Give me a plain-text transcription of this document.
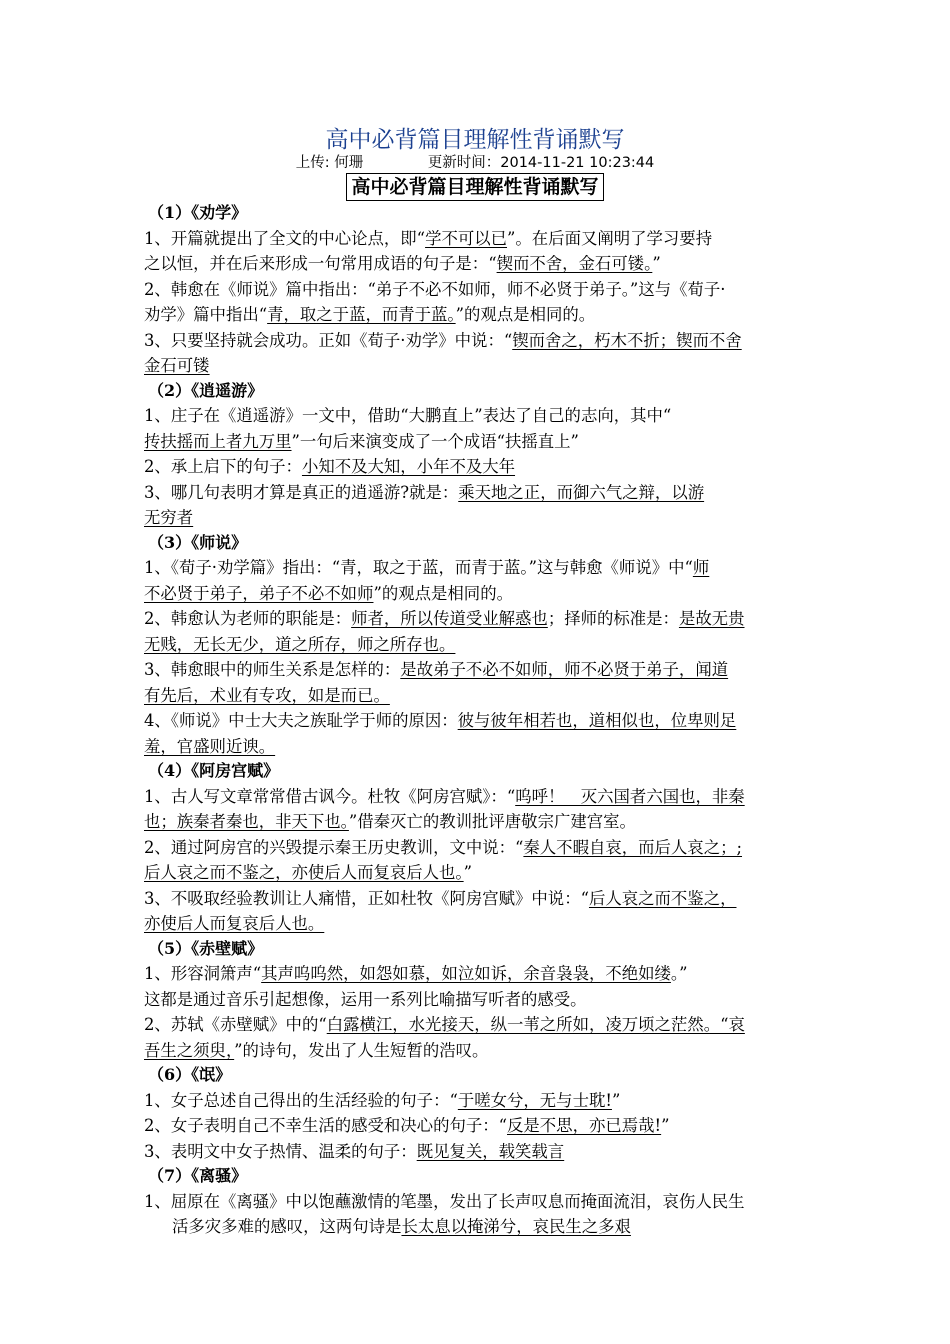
高中必背篇目理解性背诵默写
上传: 何珊              更新时间：2014-11-21 10:23:44
高中必背篇目理解性背诵默写
（1）《劝学》
1、开篇就提出了全文的中心论点，即“学不可以已”。在后面又阐明了学习要持
之以恒，并在后来形成一句常用成语的句子是：“锲而不舍，金石可镂。”
2、韩愈在《师说》篇中指出：“弟子不必不如师，师不必贤于弟子。”这与《荀子·
劝学》篇中指出“青，取之于蓝，而青于蓝。”的观点是相同的。
3、只要坚持就会成功。正如《荀子·劝学》中说：“锲而舍之，朽木不折；锲而不舍
金石可镂
（2）《逍遥游》
1、庄子在《逍遥游》一文中，借助“大鹏直上”表达了自己的志向，其中“
抟扶摇而上者九万里”一句后来演变成了一个成语“扶摇直上”
2、承上启下的句子：小知不及大知，小年不及大年
3、哪几句表明才算是真正的逍遥游?就是：乘天地之正，而御六气之辩，以游
无穷者
（3）《师说》
1、《荀子·劝学篇》指出：“青，取之于蓝，而青于蓝。”这与韩愈《师说》中“师
不必贤于弟子，弟子不必不如师”的观点是相同的。
2、韩愈认为老师的职能是：师者，所以传道受业解惑也；择师的标准是：是故无贵
无贱，无长无少，道之所存，师之所存也。
3、韩愈眼中的师生关系是怎样的：是故弟子不必不如师，师不必贤于弟子，闻道
有先后，术业有专攻，如是而已。
4、《师说》中士大夫之族耻学于师的原因：彼与彼年相若也，道相似也，位卑则足
羞，官盛则近谀。
（4）《阿房宫赋》
1、古人写文章常常借古讽今。杜牧《阿房宫赋》：“呜呼！　灭六国者六国也，非秦
也；族秦者秦也，非天下也。”借秦灭亡的教训批评唐敬宗广建宫室。
2、通过阿房宫的兴毁提示秦王历史教训，文中说：“秦人不暇自哀，而后人哀之；;
后人哀之而不鉴之，亦使后人而复哀后人也。”
3、不吸取经验教训让人痛惜，正如杜牧《阿房宫赋》中说：“后人哀之而不鉴之，
亦使后人而复哀后人也。
（5）《赤壁赋》
1、形容洞箫声“其声呜呜然，如怨如慕，如泣如诉，余音袅袅，不绝如缕。”
这都是通过音乐引起想像，运用一系列比喻描写听者的感受。
2、苏轼《赤壁赋》中的“白露横江，水光接天，纵一苇之所如，凌万顷之茫然。“哀
吾生之须臾，”的诗句，发出了人生短暂的浩叹。
（6）《氓》
1、女子总述自己得出的生活经验的句子：“于嗟女兮，无与士耽!”
2、女子表明自己不幸生活的感受和决心的句子：“反是不思，亦已焉哉!”
3、表明文中女子热情、温柔的句子：既见复关，载笑载言
（7）《离骚》
1、屈原在《离骚》中以饱蘸激情的笔墨，发出了长声叹息而掩面流泪，哀伤人民生
活多灾多难的感叹，这两句诗是长太息以掩涕兮，哀民生之多艰
